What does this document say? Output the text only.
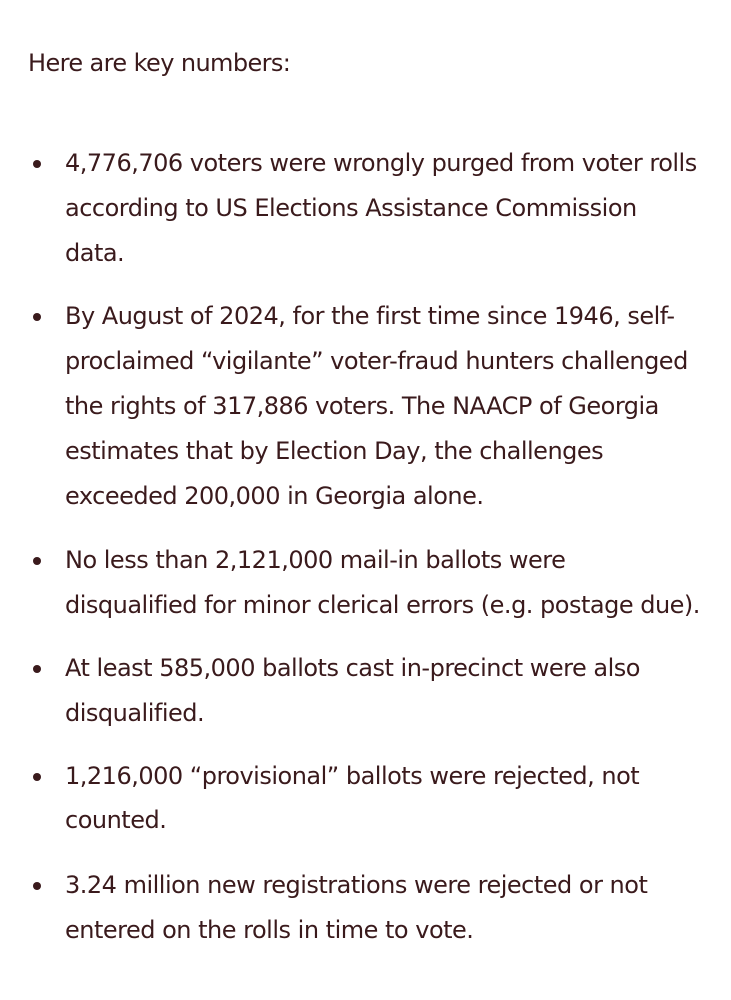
Here are key numbers:

4,776,706 voters were wrongly purged from voter rolls
according to US Elections Assistance Commission
data.
By August of 2024, for the first time since 1946, self-
proclaimed “vigilante” voter-fraud hunters challenged
the rights of 317,886 voters. The NAACP of Georgia
estimates that by Election Day, the challenges
exceeded 200,000 in Georgia alone.
No less than 2,121,000 mail-in ballots were
disqualified for minor clerical errors (e.g. postage due).
At least 585,000 ballots cast in-precinct were also
disqualified.
1,216,000 “provisional” ballots were rejected, not
counted.
3.24 million new registrations were rejected or not
entered on the rolls in time to vote.
